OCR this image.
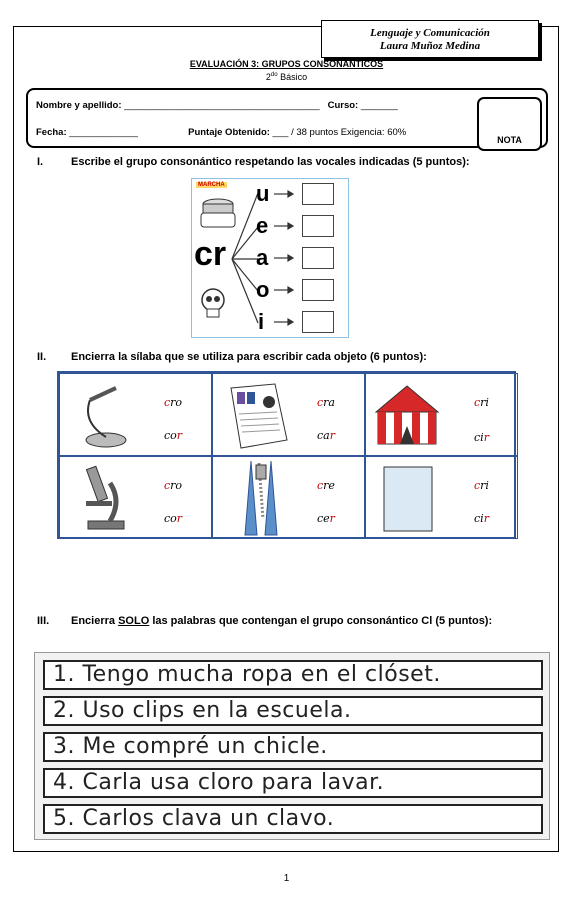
Lenguaje y Comunicación
Laura Muñoz Medina
EVALUACIÓN 3: GRUPOS CONSONÁNTICOS
$2^{do}$ Básico
Nombre y apellido: _____________________________________   Curso: _______
Fecha: _____________	Puntaje Obtenido: ___ / 38 puntos Exigencia: 60%
NOTA
I.	Escribe el grupo consonántico respetando las vocales indicadas (5 puntos):
MARCHA
cr
u
e
a
o
i
II. Encierra la sílaba que se utiliza para escribir cada objeto (6 puntos):
cro
cor
cra
car
cri
cir
cro
cor
cre
cer
cri
cir
III. Encierra SOLO las palabras que contengan el grupo consonántico Cl (5 puntos):
1. Tengo mucha ropa en el clóset.
2. Uso clips en la escuela.
3. Me compré un chicle.
4. Carla usa cloro para lavar.
5. Carlos clava un clavo.
1
